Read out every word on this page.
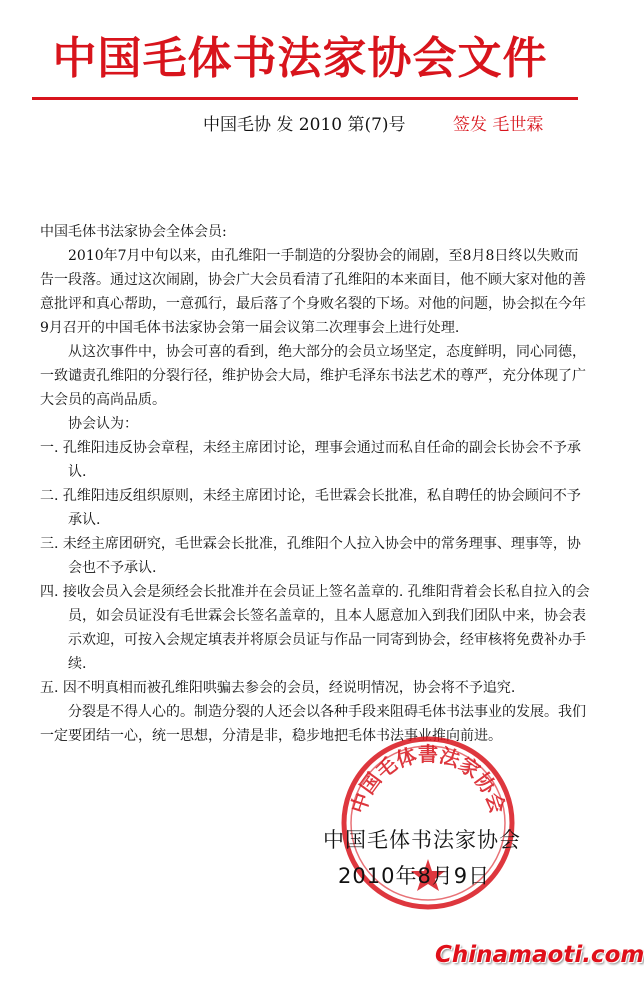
中国毛体书法家协会文件
中国毛协 发 2010 第(7)号	签发 毛世霖

中国毛体书法家协会全体会员:

2010年7月中旬以来，由孔维阳一手制造的分裂协会的闹剧，至8月8日终以失败而告一段落。通过这次闹剧，协会广大会员看清了孔维阳的本来面目，他不顾大家对他的善意批评和真心帮助，一意孤行，最后落了个身败名裂的下场。对他的问题，协会拟在今年9月召开的中国毛体书法家协会第一届会议第二次理事会上进行处理.

从这次事件中，协会可喜的看到，绝大部分的会员立场坚定，态度鲜明，同心同德，一致谴责孔维阳的分裂行径，维护协会大局，维护毛泽东书法艺术的尊严，充分体现了广大会员的高尚品质。

协会认为：

一. 孔维阳违反协会章程，未经主席团讨论，理事会通过而私自任命的副会长协会不予承认.

二. 孔维阳违反组织原则，未经主席团讨论，毛世霖会长批准，私自聘任的协会顾问不予承认.

三. 未经主席团研究，毛世霖会长批准，孔维阳个人拉入协会中的常务理事、理事等，协会也不予承认.

四. 接收会员入会是须经会长批准并在会员证上签名盖章的. 孔维阳背着会长私自拉入的会员，如会员证没有毛世霖会长签名盖章的，且本人愿意加入到我们团队中来，协会表示欢迎，可按入会规定填表并将原会员证与作品一同寄到协会，经审核将免费补办手续.

五. 因不明真相而被孔维阳哄骗去参会的会员，经说明情况，协会将不予追究.

分裂是不得人心的。制造分裂的人还会以各种手段来阻碍毛体书法事业的发展。我们一定要团结一心，统一思想，分清是非，稳步地把毛体书法事业推向前进。

中国毛体書法家协会
中国毛体书法家协会
2010年8月9日
Chinamaoti.com
